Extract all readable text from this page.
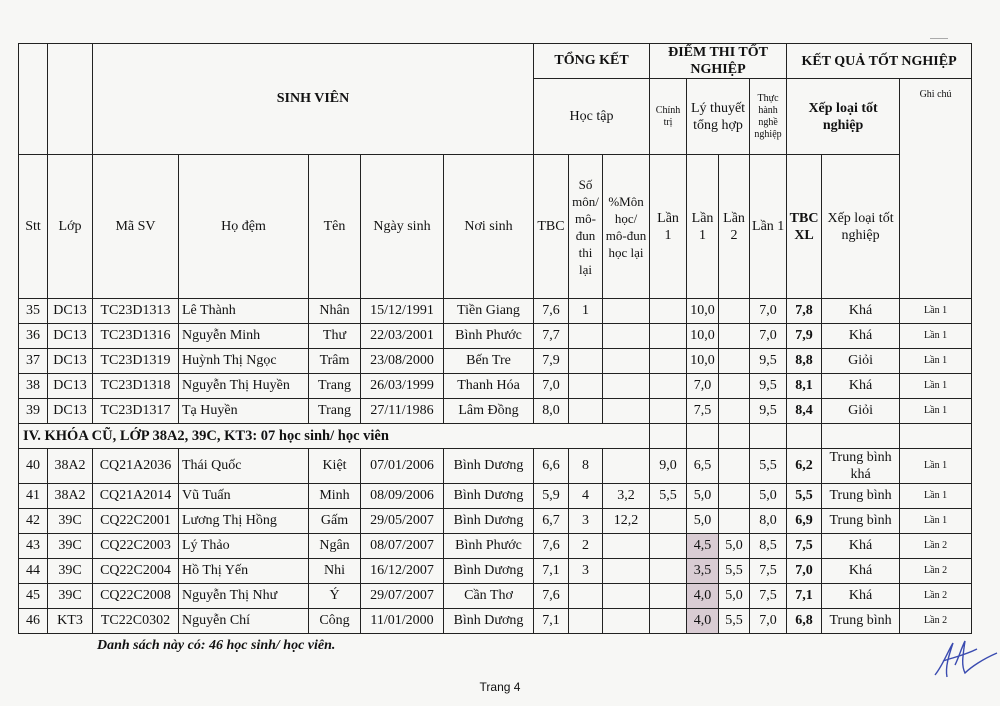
		SINH VIÊN					TỔNG KẾT			ĐIỂM THI TỐT NGHIỆP				KẾT QUẢ TỐT NGHIỆP		
							Học tập			Chính trị	Lý thuyết tổng hợp		Thực hành nghề nghiệp	Xếp loại tốt nghiệp		Ghi chú

Stt	Lớp	Mã SV	Họ đệm	Tên	Ngày sinh	Nơi sinh	TBC	Số môn/ mô-đun thi lại	%Môn học/ mô-đun học lại	Lần 1	Lần 1	Lần 2	Lần 1	TBC XL	Xếp loại tốt nghiệp	
35	DC13	TC23D1313	Lê Thành	Nhân	15/12/1991	Tiền Giang	7,6	1			10,0		7,0	7,8	Khá	Lần 1
36	DC13	TC23D1316	Nguyễn Minh	Thư	22/03/2001	Bình Phước	7,7				10,0		7,0	7,9	Khá	Lần 1
37	DC13	TC23D1319	Huỳnh Thị Ngọc	Trâm	23/08/2000	Bến Tre	7,9				10,0		9,5	8,8	Giỏi	Lần 1
38	DC13	TC23D1318	Nguyễn Thị Huyền	Trang	26/03/1999	Thanh Hóa	7,0				7,0		9,5	8,1	Khá	Lần 1
39	DC13	TC23D1317	Tạ Huyền	Trang	27/11/1986	Lâm Đồng	8,0				7,5		9,5	8,4	Giỏi	Lần 1
IV. KHÓA CŨ, LỚP 38A2, 39C, KT3: 07 học sinh/ học viên																
40	38A2	CQ21A2036	Thái Quốc	Kiệt	07/01/2006	Bình Dương	6,6	8		9,0	6,5		5,5	6,2	Trung bình khá	Lần 1
41	38A2	CQ21A2014	Vũ Tuấn	Minh	08/09/2006	Bình Dương	5,9	4	3,2	5,5	5,0		5,0	5,5	Trung bình	Lần 1
42	39C	CQ22C2001	Lương Thị Hồng	Gấm	29/05/2007	Bình Dương	6,7	3	12,2		5,0		8,0	6,9	Trung bình	Lần 1
43	39C	CQ22C2003	Lý Thảo	Ngân	08/07/2007	Bình Phước	7,6	2			4,5	5,0	8,5	7,5	Khá	Lần 2
44	39C	CQ22C2004	Hồ Thị Yến	Nhi	16/12/2007	Bình Dương	7,1	3			3,5	5,5	7,5	7,0	Khá	Lần 2
45	39C	CQ22C2008	Nguyễn Thị Như	Ý	29/07/2007	Cần Thơ	7,6				4,0	5,0	7,5	7,1	Khá	Lần 2
46	KT3	TC22C0302	Nguyễn Chí	Công	11/01/2000	Bình Dương	7,1				4,0	5,5	7,0	6,8	Trung bình	Lần 2
Danh sách này có: 46 học sinh/ học viên.
Trang 4
